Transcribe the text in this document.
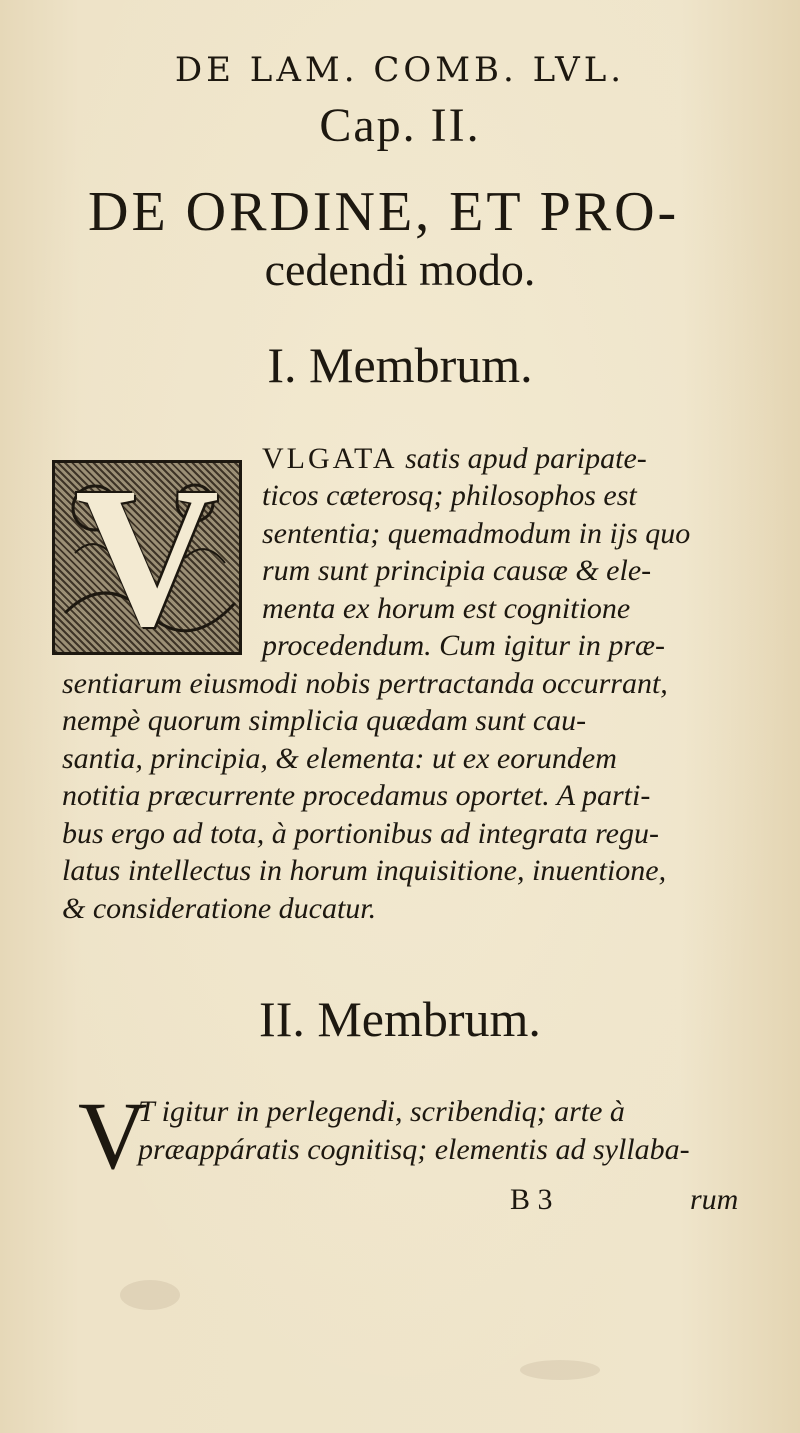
DE LAM. COMB. LVL.
Cap. II.
DE ORDINE, ET PRO-
cedendi modo.
I. Membrum.
V	VLGATA satis apud paripate-
ticos cæterosq; philosophos est
sententia; quemadmodum in ijs quo
rum sunt principia causæ & ele-
menta ex horum est cognitione
procedendum. Cum igitur in præ-
sentiarum eiusmodi nobis pertractanda occurrant,
nempè quorum simplicia quædam sunt cau-
santia, principia, & elementa: ut ex eorundem
notitia præcurrente procedamus oportet. A parti-
bus ergo ad tota, à portionibus ad integrata regu-
latus intellectus in horum inquisitione, inuentione,
& consideratione ducatur.
II. Membrum.
V
T igitur in perlegendi, scribendiq; arte à
præappáratis cognitisq; elementis ad syllaba-
B 3	rum
